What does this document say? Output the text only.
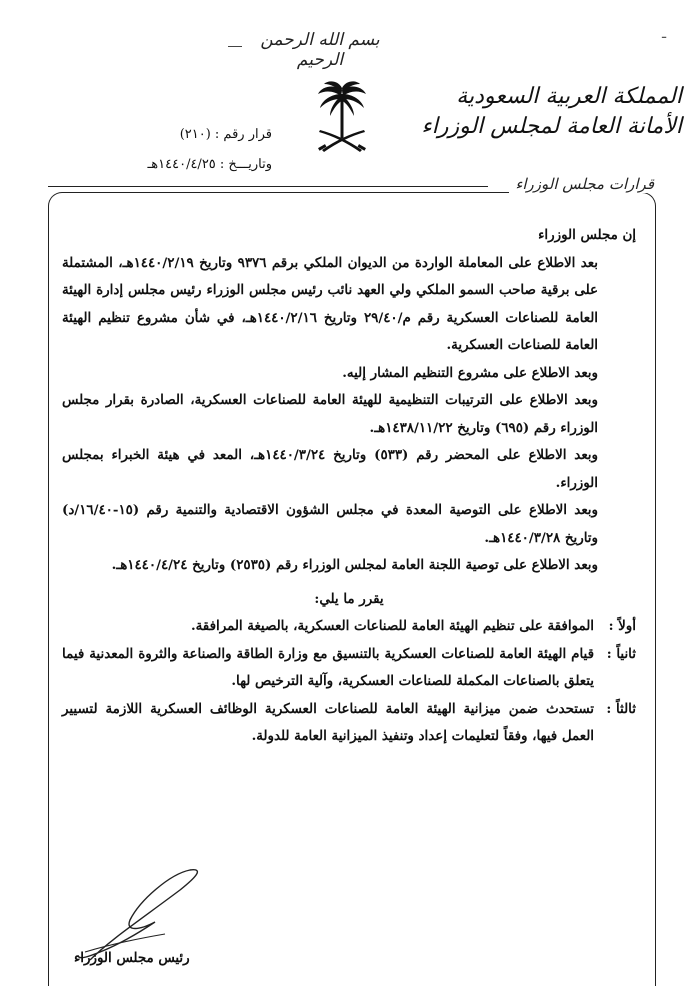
ـ
بسم الله الرحمن الرحيم
المملكة العربية السعودية
الأمانة العامة لمجلس الوزراء
قرار رقم : (٢١٠)
وتاريـــخ : ١٤٤٠/٤/٢٥هـ
قرارات مجلس الوزراء

إن مجلس الوزراء

بعد الاطلاع على المعاملة الواردة من الديوان الملكي برقم ٩٣٧٦ وتاريخ ١٤٤٠/٢/١٩هـ، المشتملة على برقية صاحب السمو الملكي ولي العهد نائب رئيس مجلس الوزراء رئيس مجلس إدارة الهيئة العامة للصناعات العسكرية رقم م/٢٩/٤٠ وتاريخ ١٤٤٠/٢/١٦هـ، في شأن مشروع تنظيم الهيئة العامة للصناعات العسكرية.

وبعد الاطلاع على مشروع التنظيم المشار إليه.

وبعد الاطلاع على الترتيبات التنظيمية للهيئة العامة للصناعات العسكرية، الصادرة بقرار مجلس الوزراء رقم (٦٩٥) وتاريخ ١٤٣٨/١١/٢٢هـ.

وبعد الاطلاع على المحضر رقم (٥٣٣) وتاريخ ١٤٤٠/٣/٢٤هـ، المعد في هيئة الخبراء بمجلس الوزراء.

وبعد الاطلاع على التوصية المعدة في مجلس الشؤون الاقتصادية والتنمية رقم (١٥-١٦/٤٠/د) وتاريخ ١٤٤٠/٣/٢٨هـ.

وبعد الاطلاع على توصية اللجنة العامة لمجلس الوزراء رقم (٢٥٣٥) وتاريخ ١٤٤٠/٤/٢٤هـ.

يقرر ما يلي:

أولاً :
الموافقة على تنظيم الهيئة العامة للصناعات العسكرية، بالصيغة المرافقة.
ثانياً :
قيام الهيئة العامة للصناعات العسكرية بالتنسيق مع وزارة الطاقة والصناعة والثروة المعدنية فيما يتعلق بالصناعات المكملة للصناعات العسكرية، وآلية الترخيص لها.
ثالثاً :
تستحدث ضمن ميزانية الهيئة العامة للصناعات العسكرية الوظائف العسكرية اللازمة لتسيير العمل فيها، وفقاً لتعليمات إعداد وتنفيذ الميزانية العامة للدولة.
رئيس مجلس الوزراء
